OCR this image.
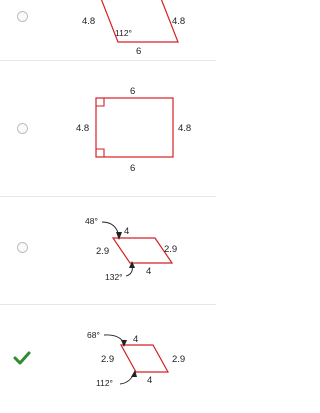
4.8	4.8
112°
6
6
4.8	4.8
6
48°
4
2.9	2.9
4
132°
68°	4
2.9	2.9
4
112°
